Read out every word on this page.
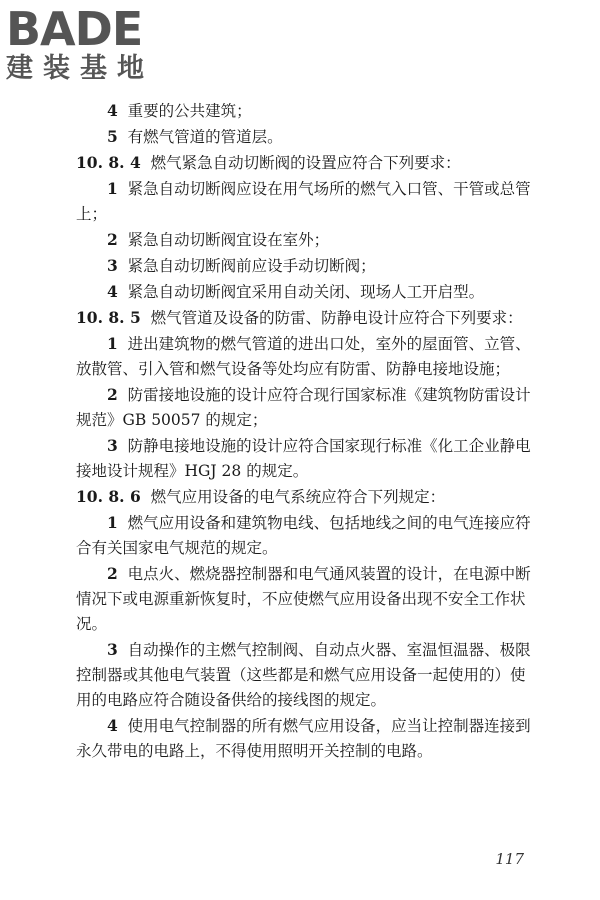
BADE
建装基地

4 重要的公共建筑；

5 有燃气管道的管道层。

10. 8. 4 燃气紧急自动切断阀的设置应符合下列要求：

1 紧急自动切断阀应设在用气场所的燃气入口管、干管或总管上；

2 紧急自动切断阀宜设在室外；

3 紧急自动切断阀前应设手动切断阀；

4 紧急自动切断阀宜采用自动关闭、现场人工开启型。

10. 8. 5 燃气管道及设备的防雷、防静电设计应符合下列要求：

1 进出建筑物的燃气管道的进出口处，室外的屋面管、立管、放散管、引入管和燃气设备等处均应有防雷、防静电接地设施；

2 防雷接地设施的设计应符合现行国家标准《建筑物防雷设计规范》GB 50057 的规定；

3 防静电接地设施的设计应符合国家现行标准《化工企业静电接地设计规程》HGJ 28 的规定。

10. 8. 6 燃气应用设备的电气系统应符合下列规定：

1 燃气应用设备和建筑物电线、包括地线之间的电气连接应符合有关国家电气规范的规定。

2 电点火、燃烧器控制器和电气通风装置的设计，在电源中断情况下或电源重新恢复时，不应使燃气应用设备出现不安全工作状况。

3 自动操作的主燃气控制阀、自动点火器、室温恒温器、极限控制器或其他电气装置（这些都是和燃气应用设备一起使用的）使用的电路应符合随设备供给的接线图的规定。

4 使用电气控制器的所有燃气应用设备，应当让控制器连接到永久带电的电路上，不得使用照明开关控制的电路。

117
